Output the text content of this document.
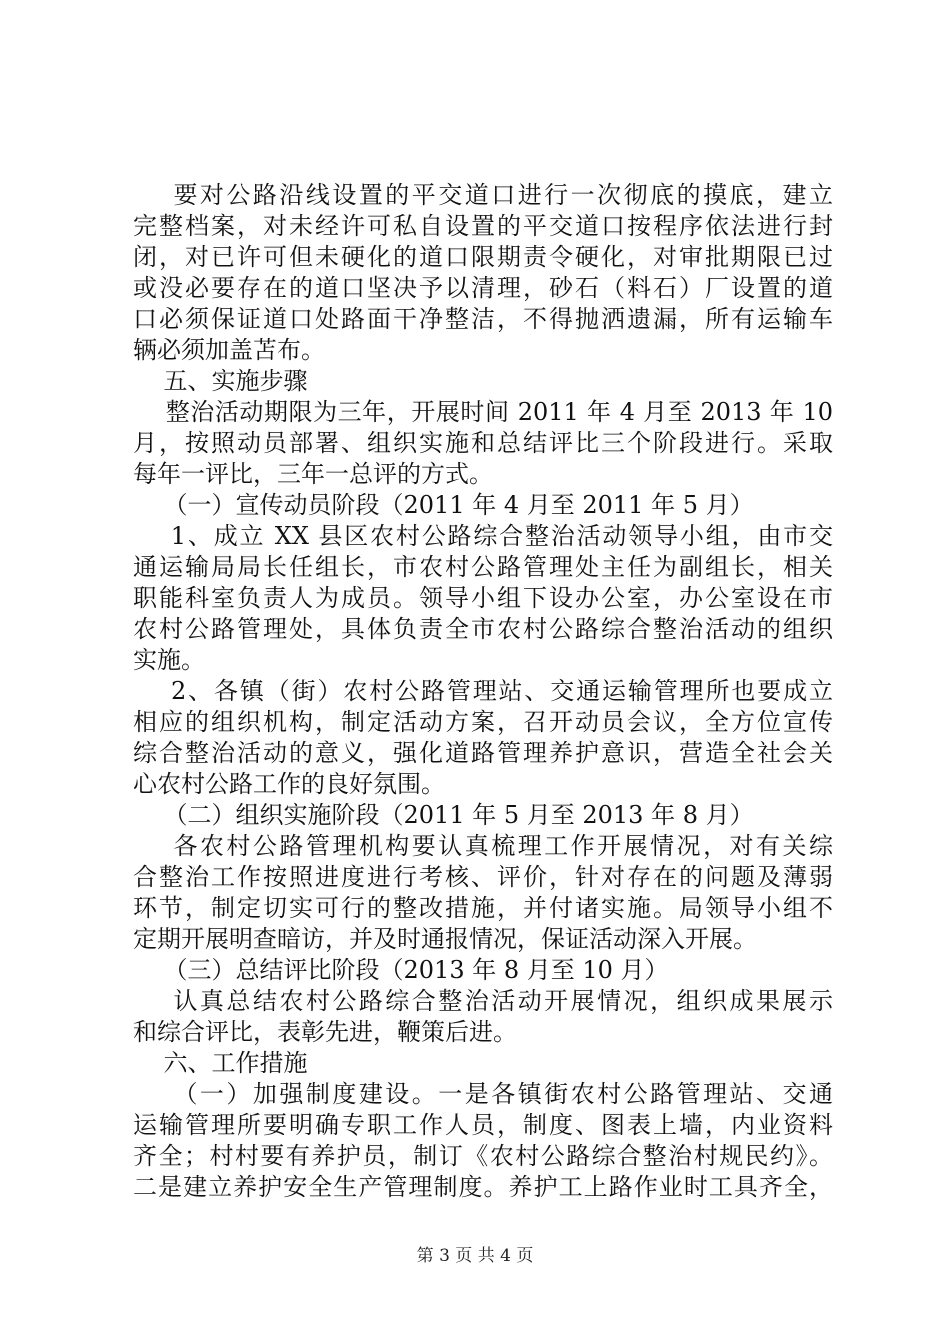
要对公路沿线设置的平交道口进行一次彻底的摸底，建立
完整档案，对未经许可私自设置的平交道口按程序依法进行封
闭，对已许可但未硬化的道口限期责令硬化，对审批期限已过
或没必要存在的道口坚决予以清理，砂石（料石）厂设置的道
口必须保证道口处路面干净整洁，不得抛洒遗漏，所有运输车
辆必须加盖苫布。
五、实施步骤
整治活动期限为三年，开展时间 2011 年 4 月至 2013 年 10
月，按照动员部署、组织实施和总结评比三个阶段进行。采取
每年一评比，三年一总评的方式。
（一）宣传动员阶段（2011 年 4 月至 2011 年 5 月）
1、成立 XX 县区农村公路综合整治活动领导小组，由市交
通运输局局长任组长，市农村公路管理处主任为副组长，相关
职能科室负责人为成员。领导小组下设办公室，办公室设在市
农村公路管理处，具体负责全市农村公路综合整治活动的组织
实施。
2、各镇（街）农村公路管理站、交通运输管理所也要成立
相应的组织机构，制定活动方案，召开动员会议，全方位宣传
综合整治活动的意义，强化道路管理养护意识，营造全社会关
心农村公路工作的良好氛围。
（二）组织实施阶段（2011 年 5 月至 2013 年 8 月）
各农村公路管理机构要认真梳理工作开展情况，对有关综
合整治工作按照进度进行考核、评价，针对存在的问题及薄弱
环节，制定切实可行的整改措施，并付诸实施。局领导小组不
定期开展明查暗访，并及时通报情况，保证活动深入开展。
（三）总结评比阶段（2013 年 8 月至 10 月）
认真总结农村公路综合整治活动开展情况，组织成果展示
和综合评比，表彰先进，鞭策后进。
六、工作措施
（一）加强制度建设。一是各镇街农村公路管理站、交通
运输管理所要明确专职工作人员，制度、图表上墙，内业资料
齐全；村村要有养护员，制订《农村公路综合整治村规民约》。
二是建立养护安全生产管理制度。养护工上路作业时工具齐全，
第 3 页 共 4 页
